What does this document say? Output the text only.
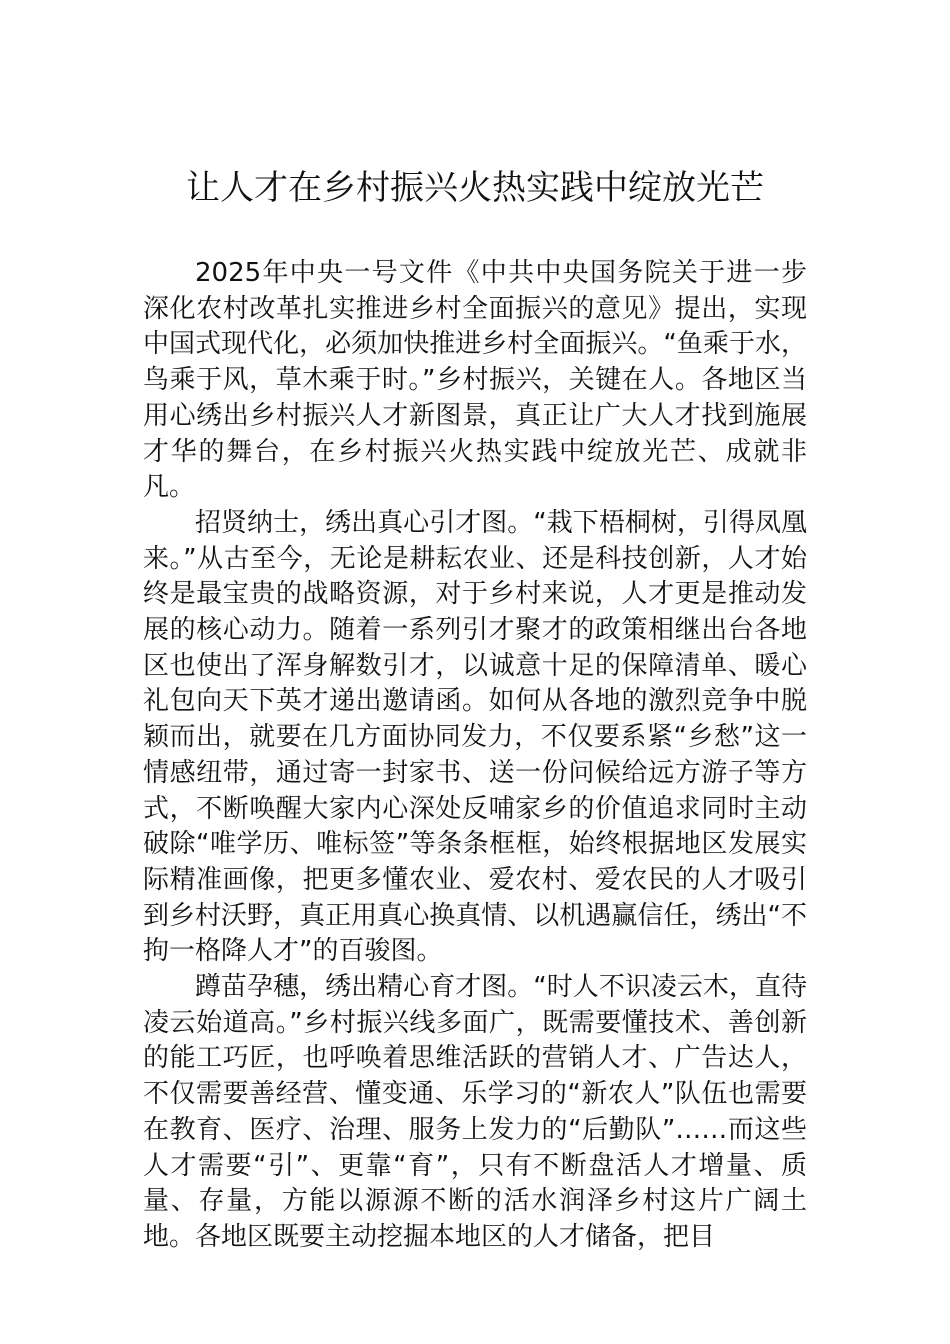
让人才在乡村振兴火热实践中绽放光芒

2025年中央一号文件《中共中央国务院关于进一步深化农村改革扎实推进乡村全面振兴的意见》提出，实现中国式现代化，必须加快推进乡村全面振兴。“鱼乘于水，鸟乘于风，草木乘于时。”乡村振兴，关键在人。各地区当用心绣出乡村振兴人才新图景，真正让广大人才找到施展才华的舞台，在乡村振兴火热实践中绽放光芒、成就非凡。

招贤纳士，绣出真心引才图。“栽下梧桐树，引得凤凰来。”从古至今，无论是耕耘农业、还是科技创新，人才始终是最宝贵的战略资源，对于乡村来说，人才更是推动发展的核心动力。随着一系列引才聚才的政策相继出台各地区也使出了浑身解数引才，以诚意十足的保障清单、暖心礼包向天下英才递出邀请函。如何从各地的激烈竞争中脱颖而出，就要在几方面协同发力，不仅要系紧“乡愁”这一情感纽带，通过寄一封家书、送一份问候给远方游子等方式，不断唤醒大家内心深处反哺家乡的价值追求同时主动破除“唯学历、唯标签”等条条框框，始终根据地区发展实际精准画像，把更多懂农业、爱农村、爱农民的人才吸引到乡村沃野，真正用真心换真情、以机遇赢信任，绣出“不拘一格降人才”的百骏图。

蹲苗孕穗，绣出精心育才图。“时人不识凌云木，直待凌云始道高。”乡村振兴线多面广，既需要懂技术、善创新的能工巧匠，也呼唤着思维活跃的营销人才、广告达人，不仅需要善经营、懂变通、乐学习的“新农人”队伍也需要在教育、医疗、治理、服务上发力的“后勤队”……而这些人才需要“引”、更靠“育”，只有不断盘活人才增量、质量、存量，方能以源源不断的活水润泽乡村这片广阔土地。各地区既要主动挖掘本地区的人才储备，把目
